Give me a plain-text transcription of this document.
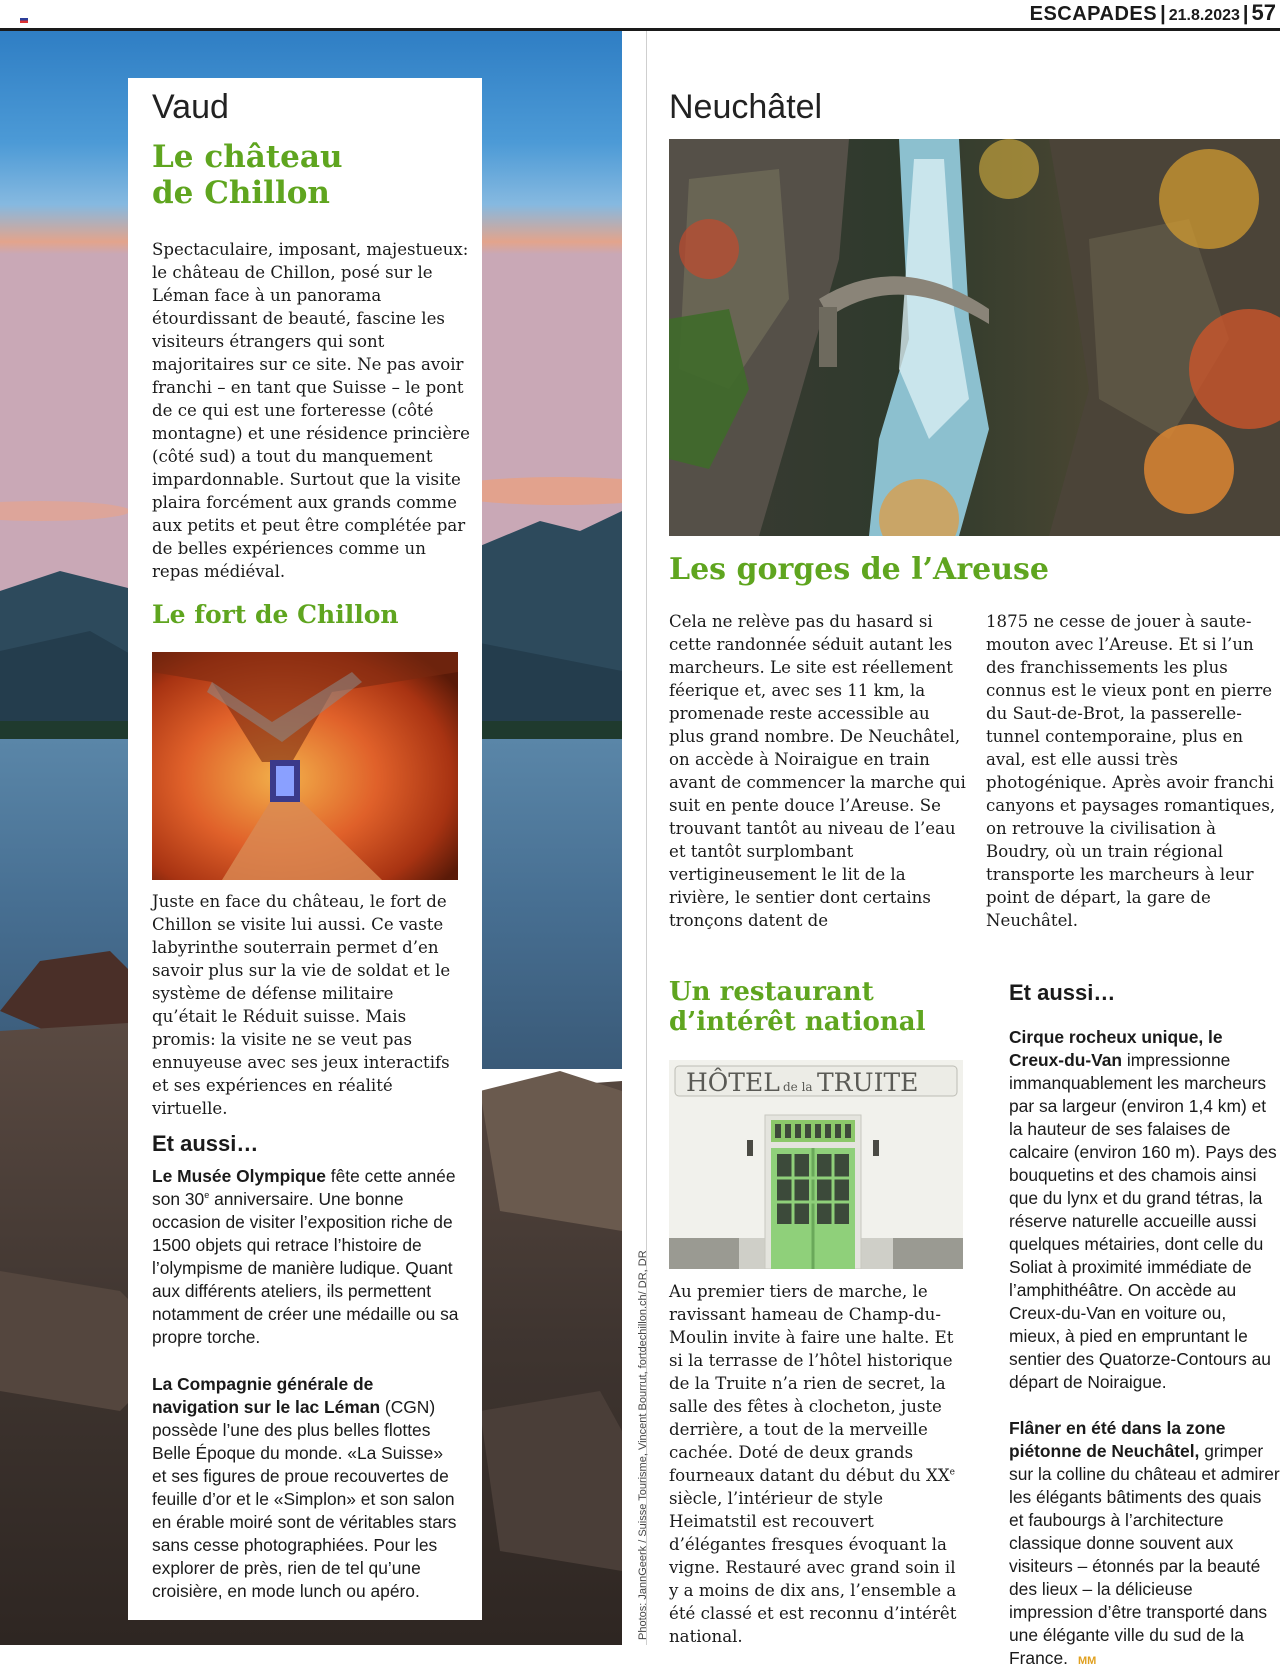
ESCAPADES | 21.8.2023 | 57
Vaud
Le château
de Chillon
Spectaculaire, imposant, majestueux: le château de Chillon, posé sur le Léman face à un panorama étourdissant de beauté, fascine les visiteurs étrangers qui sont majoritaires sur ce site. Ne pas avoir franchi – en tant que Suisse – le pont de ce qui est une forteresse (côté montagne) et une résidence princière (côté sud) a tout du manquement impardonnable. Surtout que la visite plaira forcément aux grands comme aux petits et peut être complétée par de belles expériences comme un repas médiéval.
Le fort de Chillon
Juste en face du château, le fort de Chillon se visite lui aussi. Ce vaste labyrinthe souterrain permet d’en savoir plus sur la vie de soldat et le système de défense militaire qu’était le Réduit suisse. Mais promis: la visite ne se veut pas ennuyeuse avec ses jeux interactifs et ses expériences en réalité virtuelle.
Et aussi…
Le Musée Olympique fête cette année son 30e anniversaire. Une bonne occasion de visiter l’exposition riche de 1500 objets qui retrace l’histoire de l’olympisme de manière ludique. Quant aux différents ateliers, ils permettent notamment de créer une médaille ou sa propre torche.
La Compagnie générale de navigation sur le lac Léman (CGN) possède l’une des plus belles flottes Belle Époque du monde. «La Suisse» et ses figures de proue recouvertes de feuille d’or et le «Simplon» et son salon en érable moiré sont de véritables stars sans cesse photographiées. Pour les explorer de près, rien de tel qu’une croisière, en mode lunch ou apéro.	Photos: JannGeerk / Suisse Tourisme, Vincent Bourrut, fortdechillon.ch/ DR, DR
Neuchâtel
Les gorges de l’Areuse
Cela ne relève pas du hasard si cette randonnée séduit autant les marcheurs. Le site est réellement féerique et, avec ses 11 km, la promenade reste accessible au plus grand nombre. De Neuchâtel, on accède à Noiraigue en train avant de commencer la marche qui suit en pente douce l’Areuse. Se trouvant tantôt au niveau de l’eau et tantôt surplombant vertigineusement le lit de la rivière, le sentier dont certains tronçons datent de
1875 ne cesse de jouer à saute-mouton avec l’Areuse. Et si l’un des franchissements les plus connus est le vieux pont en pierre du Saut-de-Brot, la passerelle-tunnel contemporaine, plus en aval, est elle aussi très photogénique. Après avoir franchi canyons et paysages romantiques, on retrouve la civilisation à Boudry, où un train régional transporte les marcheurs à leur point de départ, la gare de Neuchâtel.
Un restaurant
d’intérêt national
HÔTEL de la TRUITE
Au premier tiers de marche, le ravissant hameau de Champ-du-Moulin invite à faire une halte. Et si la terrasse de l’hôtel historique de la Truite n’a rien de secret, la salle des fêtes à clocheton, juste derrière, a tout de la merveille cachée. Doté de deux grands fourneaux datant du début du XXe siècle, l’intérieur de style Heimatstil est recouvert d’élégantes fresques évoquant la vigne. Restauré avec grand soin il y a moins de dix ans, l’ensemble a été classé et est reconnu d’intérêt national.
Et aussi…
Cirque rocheux unique, le Creux-du-Van impressionne immanquablement les marcheurs par sa largeur (environ 1,4 km) et la hauteur de ses falaises de calcaire (environ 160 m). Pays des bouquetins et des chamois ainsi que du lynx et du grand tétras, la réserve naturelle accueille aussi quelques métairies, dont celle du Soliat à proximité immédiate de l’amphithéâtre. On accède au Creux-du-Van en voiture ou, mieux, à pied en empruntant le sentier des Quatorze-Contours au départ de Noiraigue.
Flâner en été dans la zone piétonne de Neuchâtel, grimper sur la colline du château et admirer les élégants bâtiments des quais et faubourgs à l’architecture classique donne souvent aux visiteurs – étonnés par la beauté des lieux – la délicieuse impression d’être transporté dans une élégante ville du sud de la France. MM
